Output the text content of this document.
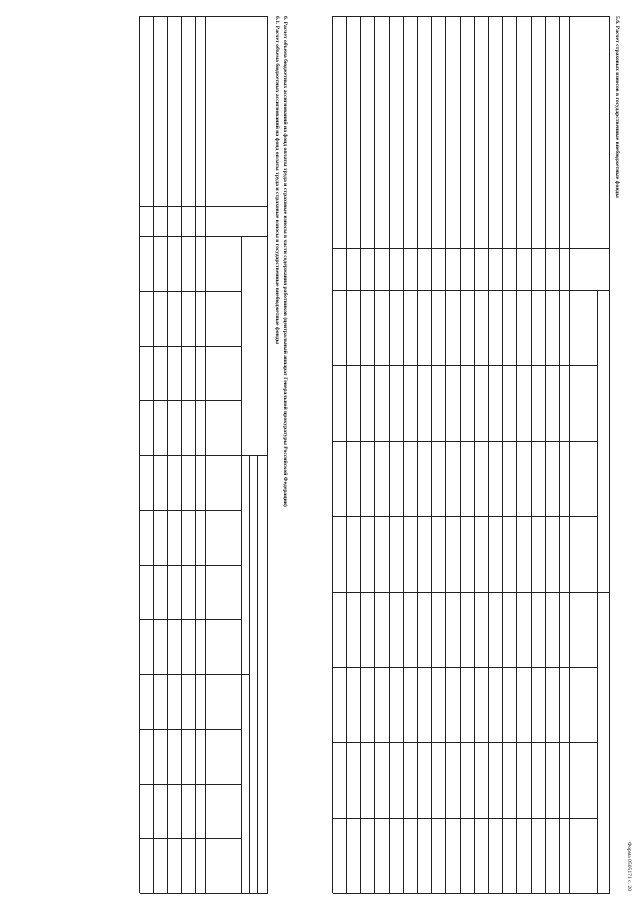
Форма 0505171 с. 20
5.6. Расчет страховых взносов в государственные внебюджетные фонды
6. Расчет объема бюджетных ассигнований на фонд оплаты труда и страховые взносы в части содержания работников (центральный аппарат Генеральной прокуратуры Российской Федерации)
6.1. Расчет объема бюджетных ассигнований на фонд оплаты труда и страховые взносы в государственные внебюджетные фонды
